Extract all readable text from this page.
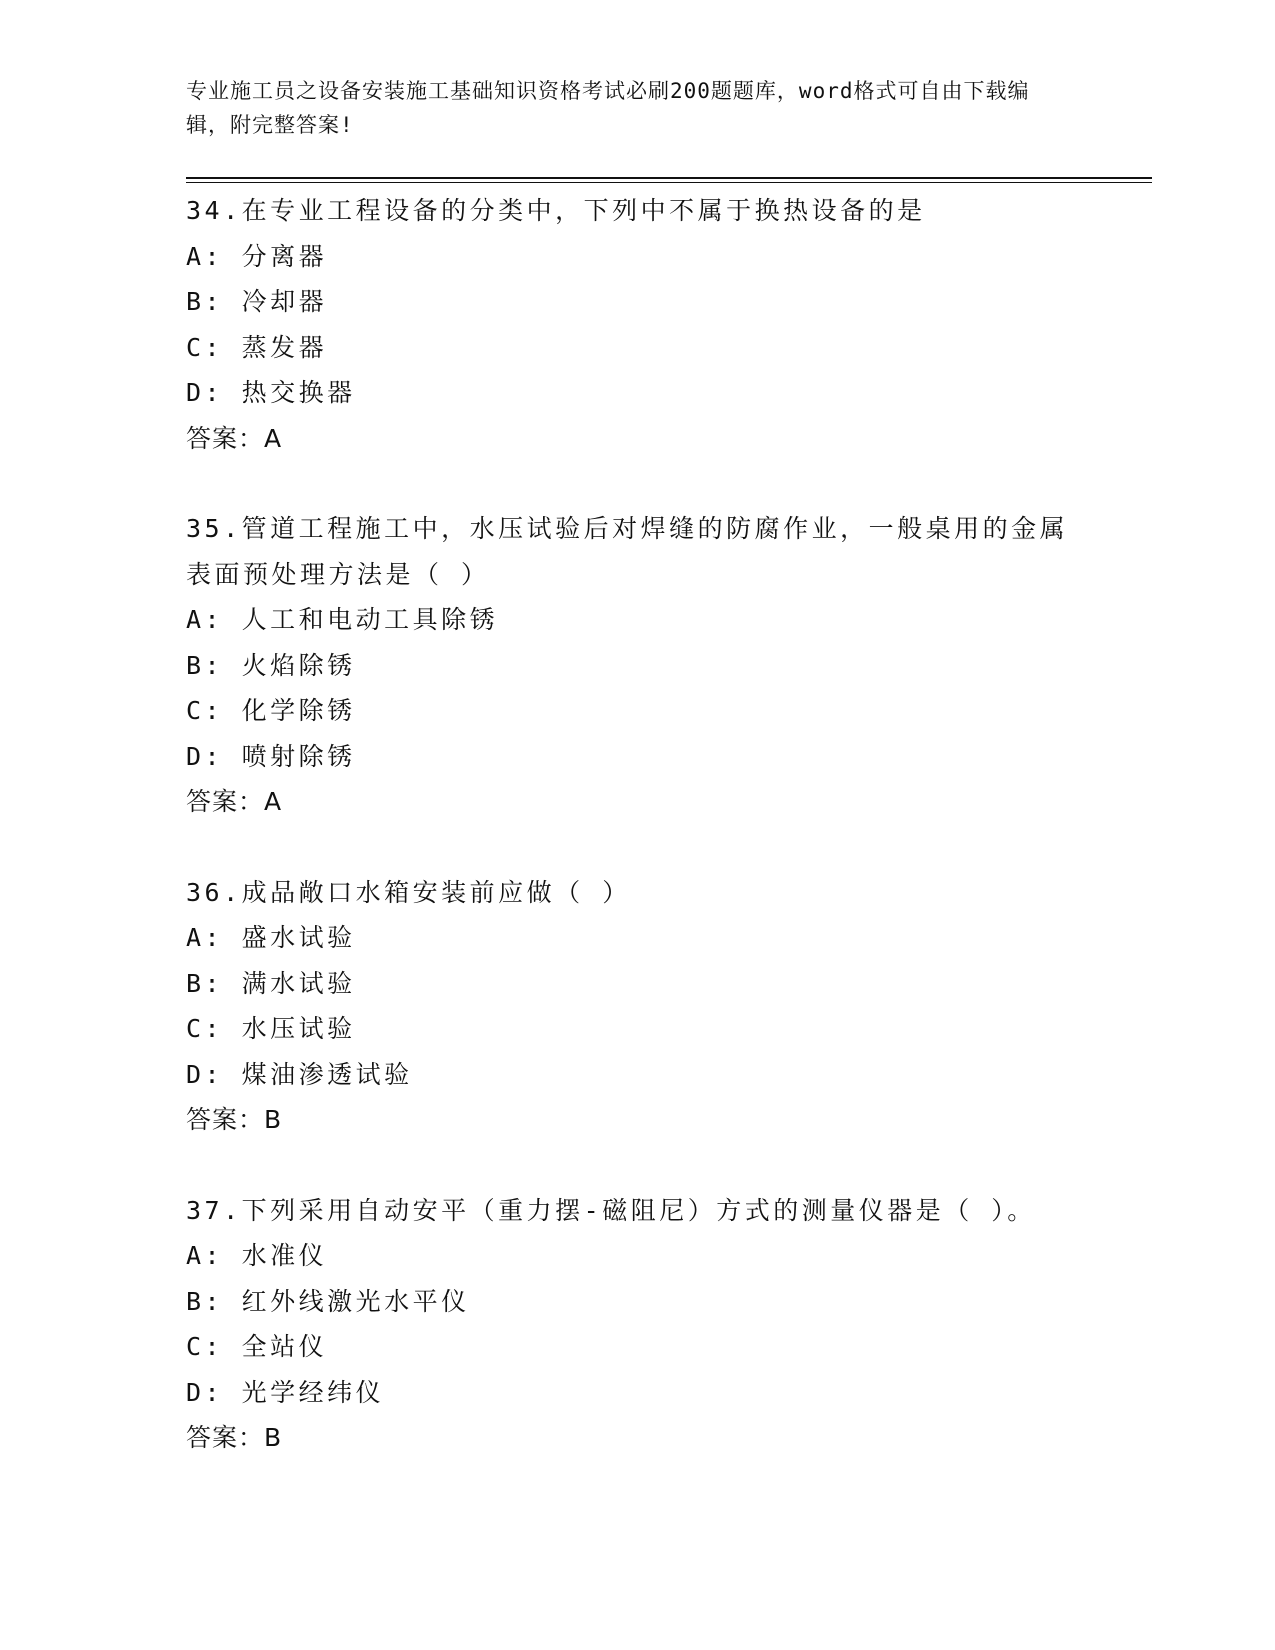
专业施工员之设备安装施工基础知识资格考试必刷200题题库，word格式可自由下载编辑，附完整答案!
34.在专业工程设备的分类中，下列中不属于换热设备的是
A: 分离器
B: 冷却器
C: 蒸发器
D: 热交换器
答案：A
35.管道工程施工中，水压试验后对焊缝的防腐作业，一般桌用的金属表面预处理方法是（ ）
A: 人工和电动工具除锈
B: 火焰除锈
C: 化学除锈
D: 喷射除锈
答案：A
36.成品敞口水箱安装前应做（ ）
A: 盛水试验
B: 满水试验
C: 水压试验
D: 煤油渗透试验
答案：B
37.下列采用自动安平（重力摆-磁阻尼）方式的测量仪器是（ ）。
A: 水准仪
B: 红外线激光水平仪
C: 全站仪
D: 光学经纬仪
答案：B
